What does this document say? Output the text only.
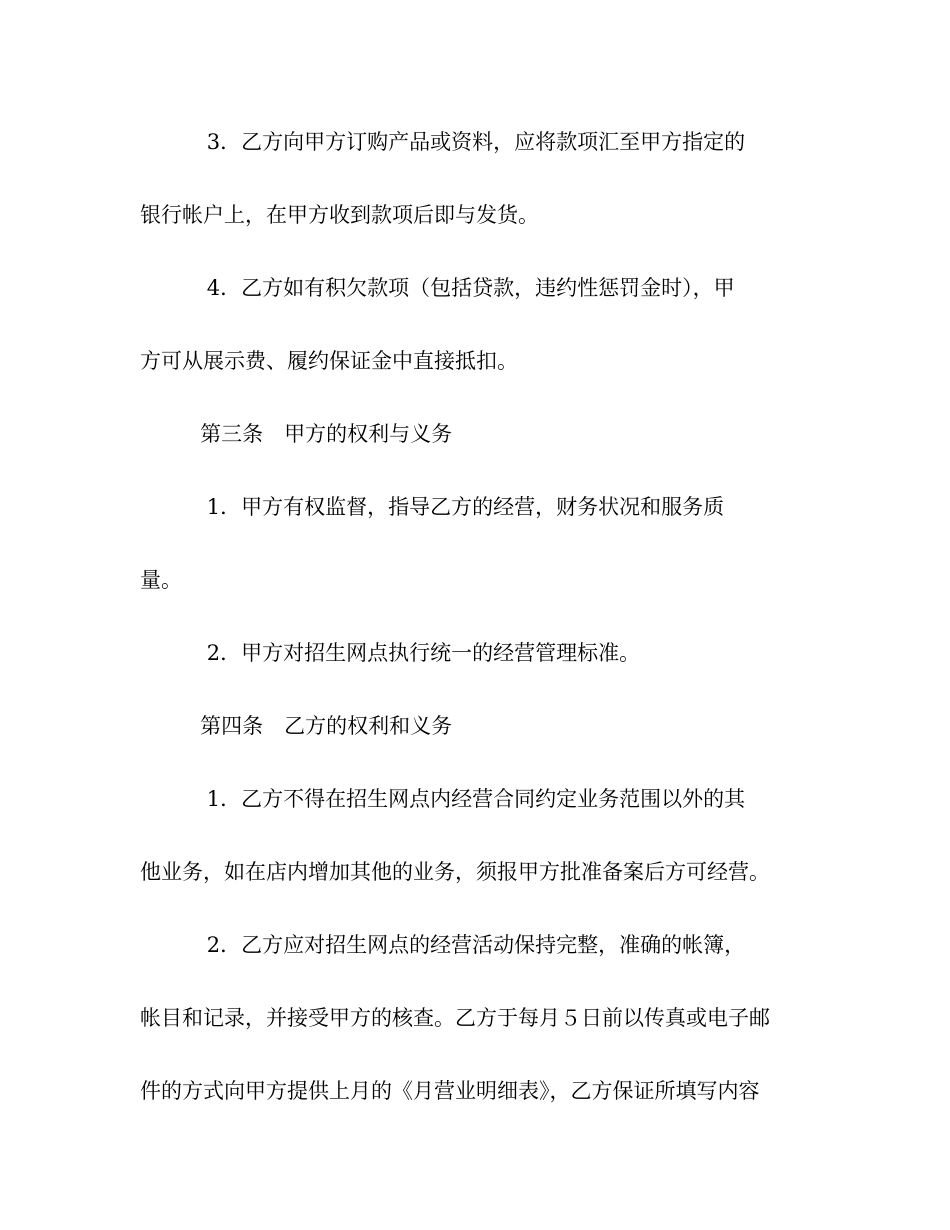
3．乙方向甲方订购产品或资料，应将款项汇至甲方指定的
银行帐户上，在甲方收到款项后即与发货。
4．乙方如有积欠款项（包括贷款，违约性惩罚金时），甲
方可从展示费、履约保证金中直接抵扣。
第三条　甲方的权利与义务
1．甲方有权监督，指导乙方的经营，财务状况和服务质
量。
2．甲方对招生网点执行统一的经营管理标准。
第四条　乙方的权利和义务
1．乙方不得在招生网点内经营合同约定业务范围以外的其
他业务，如在店内增加其他的业务，须报甲方批准备案后方可经营。
2．乙方应对招生网点的经营活动保持完整，准确的帐簿，
帐目和记录，并接受甲方的核查。乙方于每月５日前以传真或电子邮
件的方式向甲方提供上月的《月营业明细表》，乙方保证所填写内容
